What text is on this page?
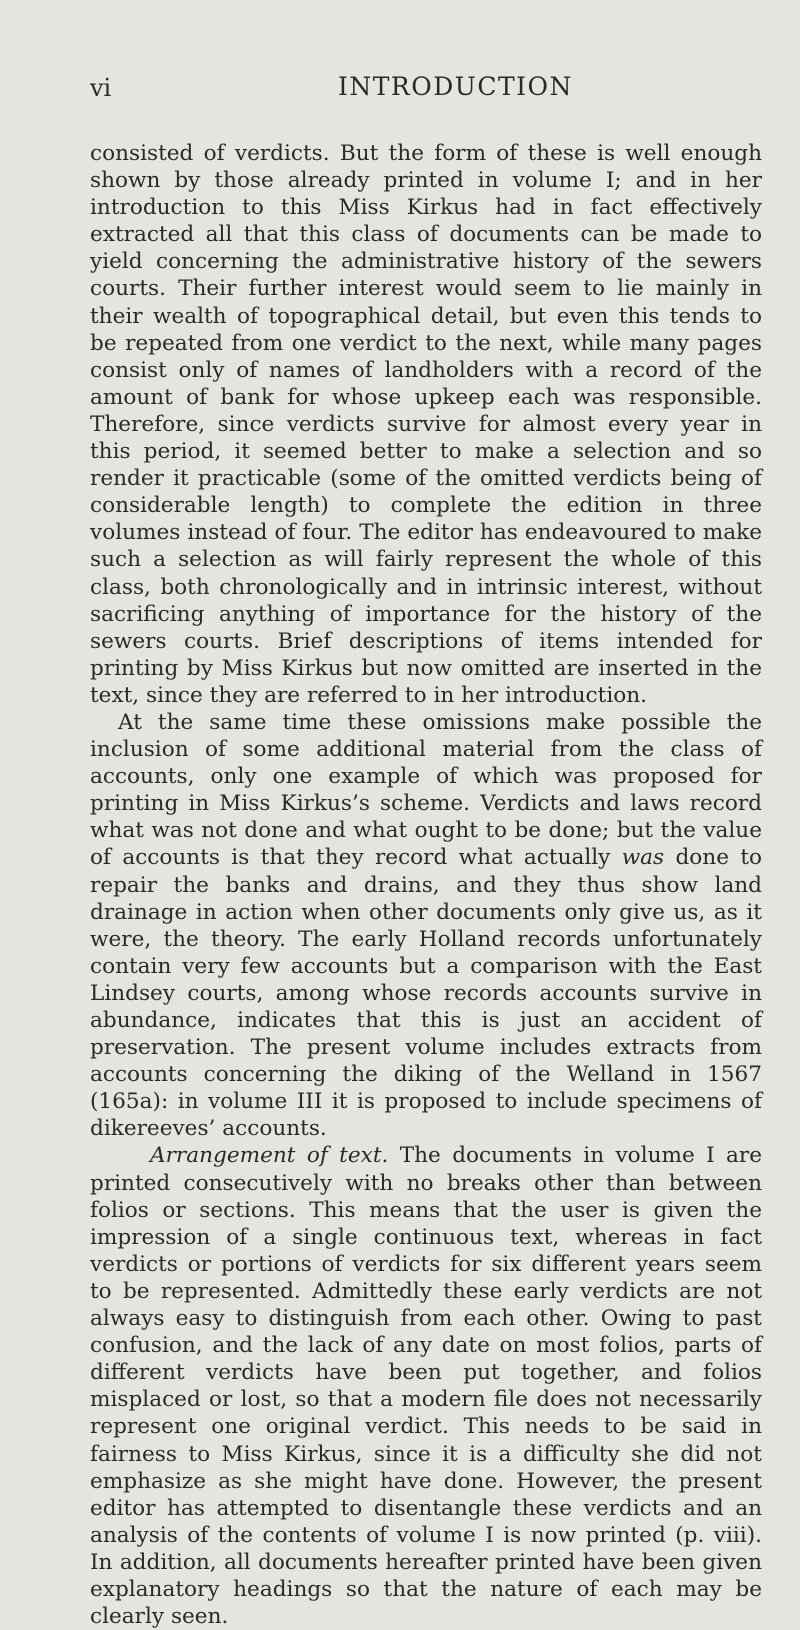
vi	INTRODUCTION

consisted of verdicts. But the form of these is well enough shown by those already printed in volume I; and in her introduction to this Miss Kirkus had in fact effectively extracted all that this class of documents can be made to yield concerning the administrative history of the sewers courts. Their further interest would seem to lie mainly in their wealth of topographical detail, but even this tends to be repeated from one verdict to the next, while many pages consist only of names of landholders with a record of the amount of bank for whose upkeep each was responsible. Therefore, since verdicts survive for almost every year in this period, it seemed better to make a selection and so render it practicable (some of the omitted verdicts being of considerable length) to complete the edition in three volumes instead of four. The editor has endeavoured to make such a selection as will fairly represent the whole of this class, both chronologically and in intrinsic interest, without sacrificing anything of importance for the history of the sewers courts. Brief descriptions of items intended for printing by Miss Kirkus but now omitted are inserted in the text, since they are referred to in her introduction.

At the same time these omissions make possible the inclusion of some additional material from the class of accounts, only one example of which was proposed for printing in Miss Kirkus’s scheme. Verdicts and laws record what was not done and what ought to be done; but the value of accounts is that they record what actually was done to repair the banks and drains, and they thus show land drainage in action when other documents only give us, as it were, the theory. The early Holland records unfortunately contain very few accounts but a comparison with the East Lindsey courts, among whose records accounts survive in abundance, indicates that this is just an accident of preservation. The present volume includes extracts from accounts concerning the diking of the Welland in 1567 (165a): in volume III it is proposed to include specimens of dikereeves’ accounts.

Arrangement of text. The documents in volume I are printed consecutively with no breaks other than between folios or sections. This means that the user is given the impression of a single continuous text, whereas in fact verdicts or portions of verdicts for six different years seem to be represented. Admittedly these early verdicts are not always easy to distinguish from each other. Owing to past confusion, and the lack of any date on most folios, parts of different verdicts have been put together, and folios misplaced or lost, so that a modern file does not necessarily represent one original verdict. This needs to be said in fairness to Miss Kirkus, since it is a difficulty she did not emphasize as she might have done. However, the present editor has attempted to disentangle these verdicts and an analysis of the contents of volume I is now printed (p. viii). In addition, all documents hereafter printed have been given explanatory headings so that the nature of each may be clearly seen.
